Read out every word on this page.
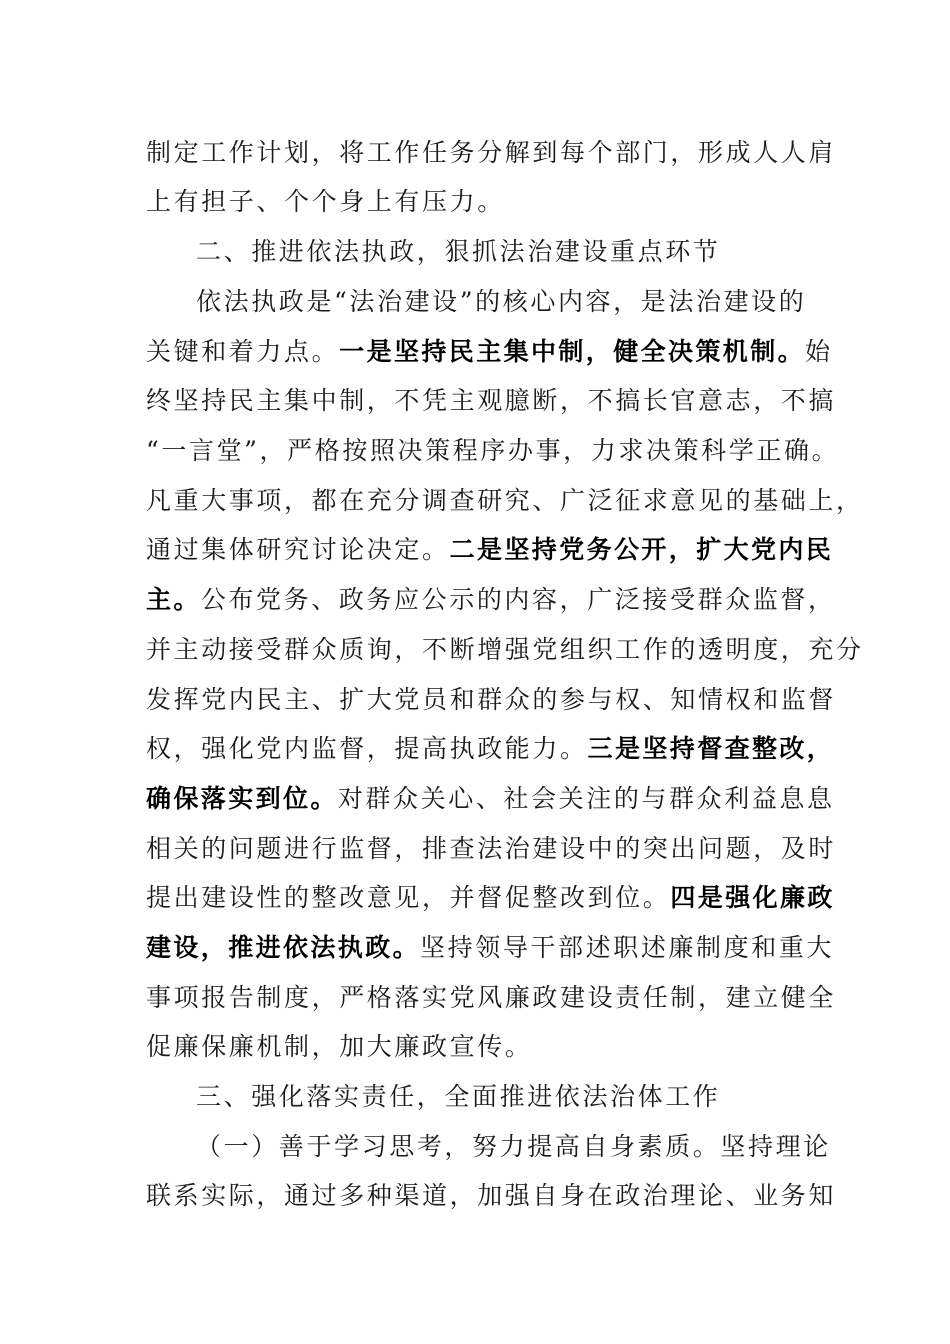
制定工作计划，将工作任务分解到每个部门，形成人人肩
上有担子、个个身上有压力。
二、推进依法执政，狠抓法治建设重点环节
依法执政是“法治建设”的核心内容，是法治建设的
关键和着力点。一是坚持民主集中制，健全决策机制。始
终坚持民主集中制，不凭主观臆断，不搞长官意志，不搞
“一言堂”，严格按照决策程序办事，力求决策科学正确。
凡重大事项，都在充分调查研究、广泛征求意见的基础上，
通过集体研究讨论决定。二是坚持党务公开，扩大党内民
主。公布党务、政务应公示的内容，广泛接受群众监督，
并主动接受群众质询，不断增强党组织工作的透明度，充分
发挥党内民主、扩大党员和群众的参与权、知情权和监督
权，强化党内监督，提高执政能力。三是坚持督查整改，
确保落实到位。对群众关心、社会关注的与群众利益息息
相关的问题进行监督，排查法治建设中的突出问题，及时
提出建设性的整改意见，并督促整改到位。四是强化廉政
建设，推进依法执政。坚持领导干部述职述廉制度和重大
事项报告制度，严格落实党风廉政建设责任制，建立健全
促廉保廉机制，加大廉政宣传。
三、强化落实责任，全面推进依法治体工作
（一）善于学习思考，努力提高自身素质。坚持理论
联系实际，通过多种渠道，加强自身在政治理论、业务知
